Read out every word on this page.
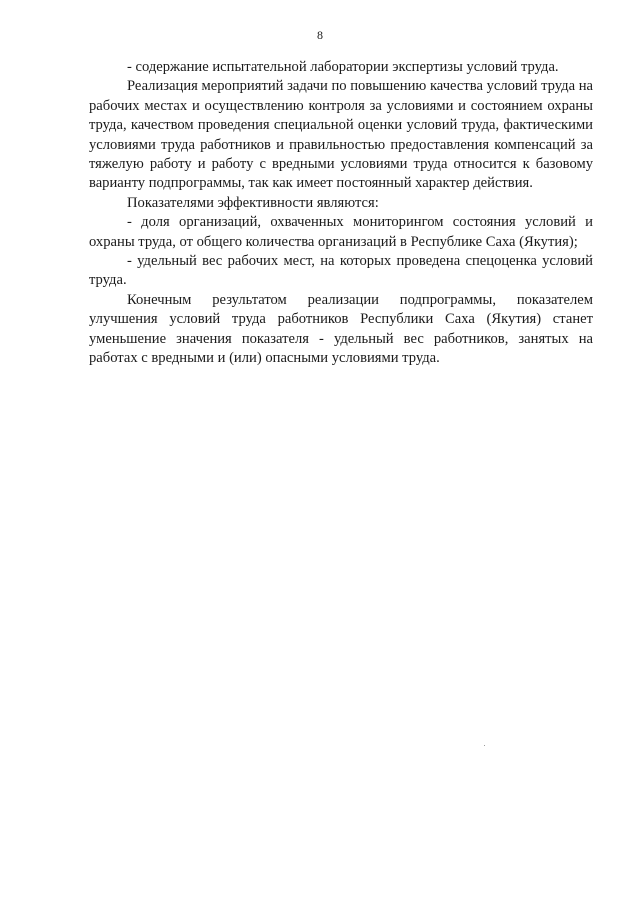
8

- содержание испытательной лаборатории экспертизы условий труда.

Реализация мероприятий задачи по повышению качества условий труда на рабочих местах и осуществлению контроля за условиями и состоянием охраны труда, качеством проведения специальной оценки условий труда, фактическими условиями труда работников и правильностью предоставления компенсаций за тяжелую работу и работу с вредными условиями труда относится к базовому варианту подпрограммы, так как имеет постоянный характер действия.

Показателями эффективности являются:

- доля организаций, охваченных мониторингом состояния условий и охраны труда, от общего количества организаций в Республике Саха (Якутия);

- удельный вес рабочих мест, на которых проведена спецоценка условий труда.

Конечным результатом реализации подпрограммы, показателем улучшения условий труда работников Республики Саха (Якутия) станет уменьшение значения показателя - удельный вес работников, занятых на работах с вредными и (или) опасными условиями труда.
